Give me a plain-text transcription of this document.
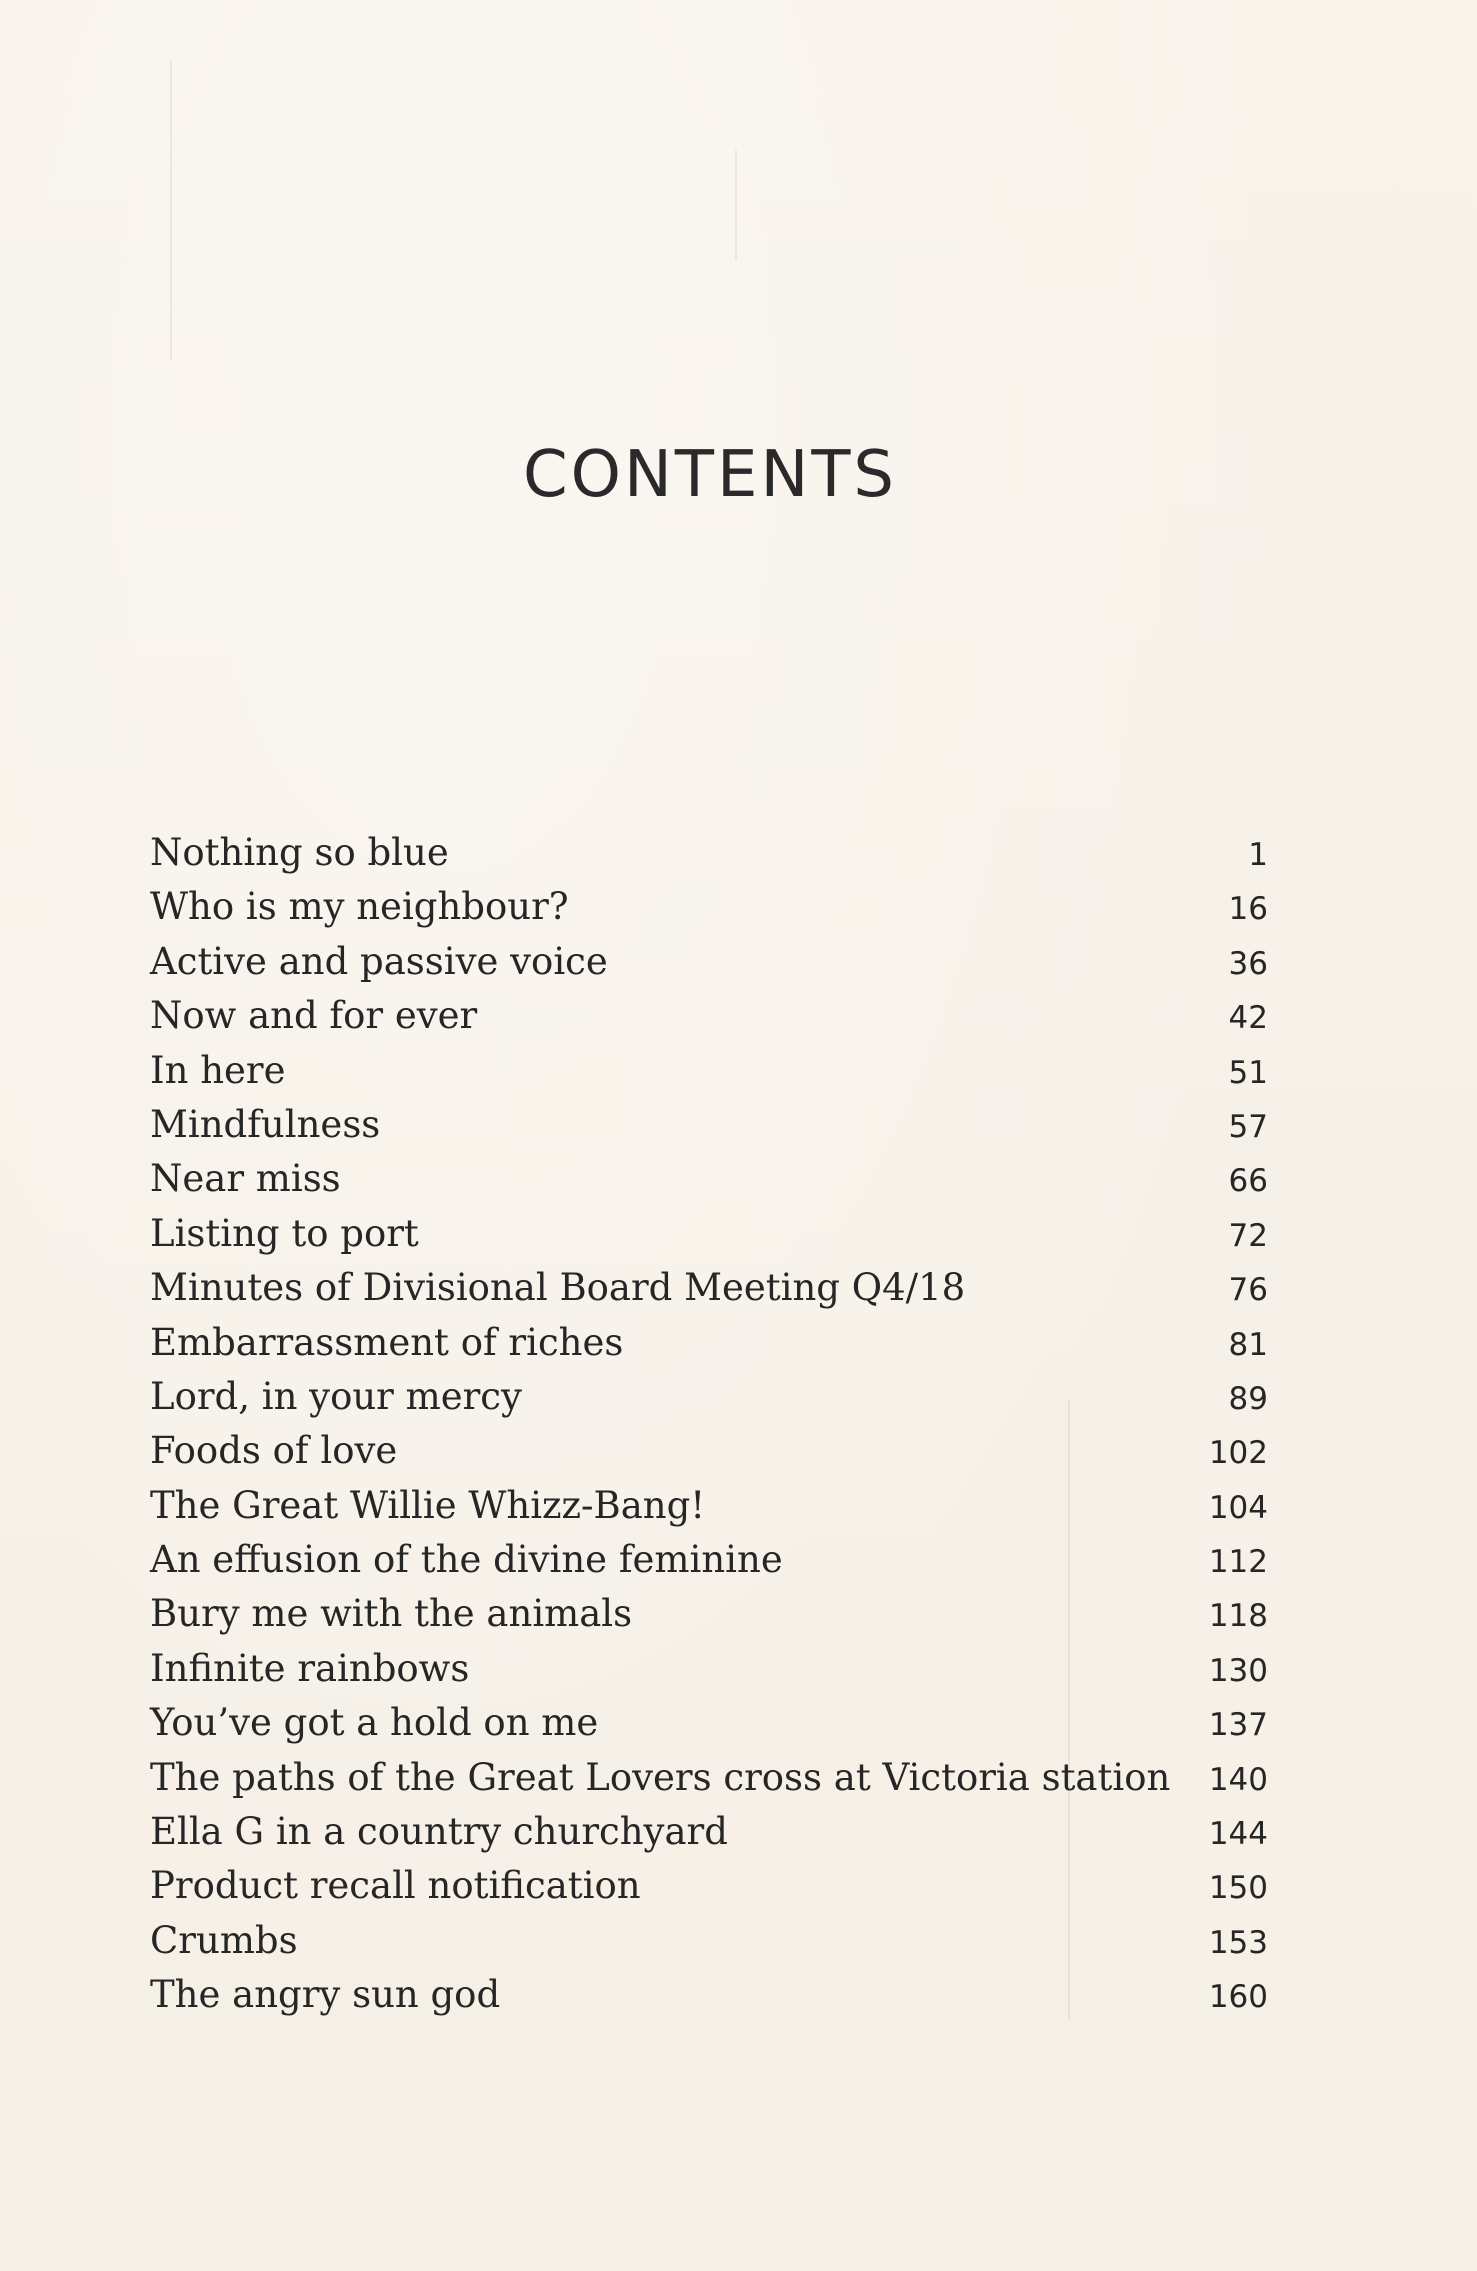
CONTENTS
Nothing so blue	1
Who is my neighbour?	16
Active and passive voice	36
Now and for ever	42
In here	51
Mindfulness	57
Near miss	66
Listing to port	72
Minutes of Divisional Board Meeting Q4/18	76
Embarrassment of riches	81
Lord, in your mercy	89
Foods of love	102
The Great Willie Whizz-Bang!	104
An effusion of the divine feminine	112
Bury me with the animals	118
Infinite rainbows	130
You’ve got a hold on me	137
The paths of the Great Lovers cross at Victoria station	140
Ella G in a country churchyard	144
Product recall notification	150
Crumbs	153
The angry sun god	160
